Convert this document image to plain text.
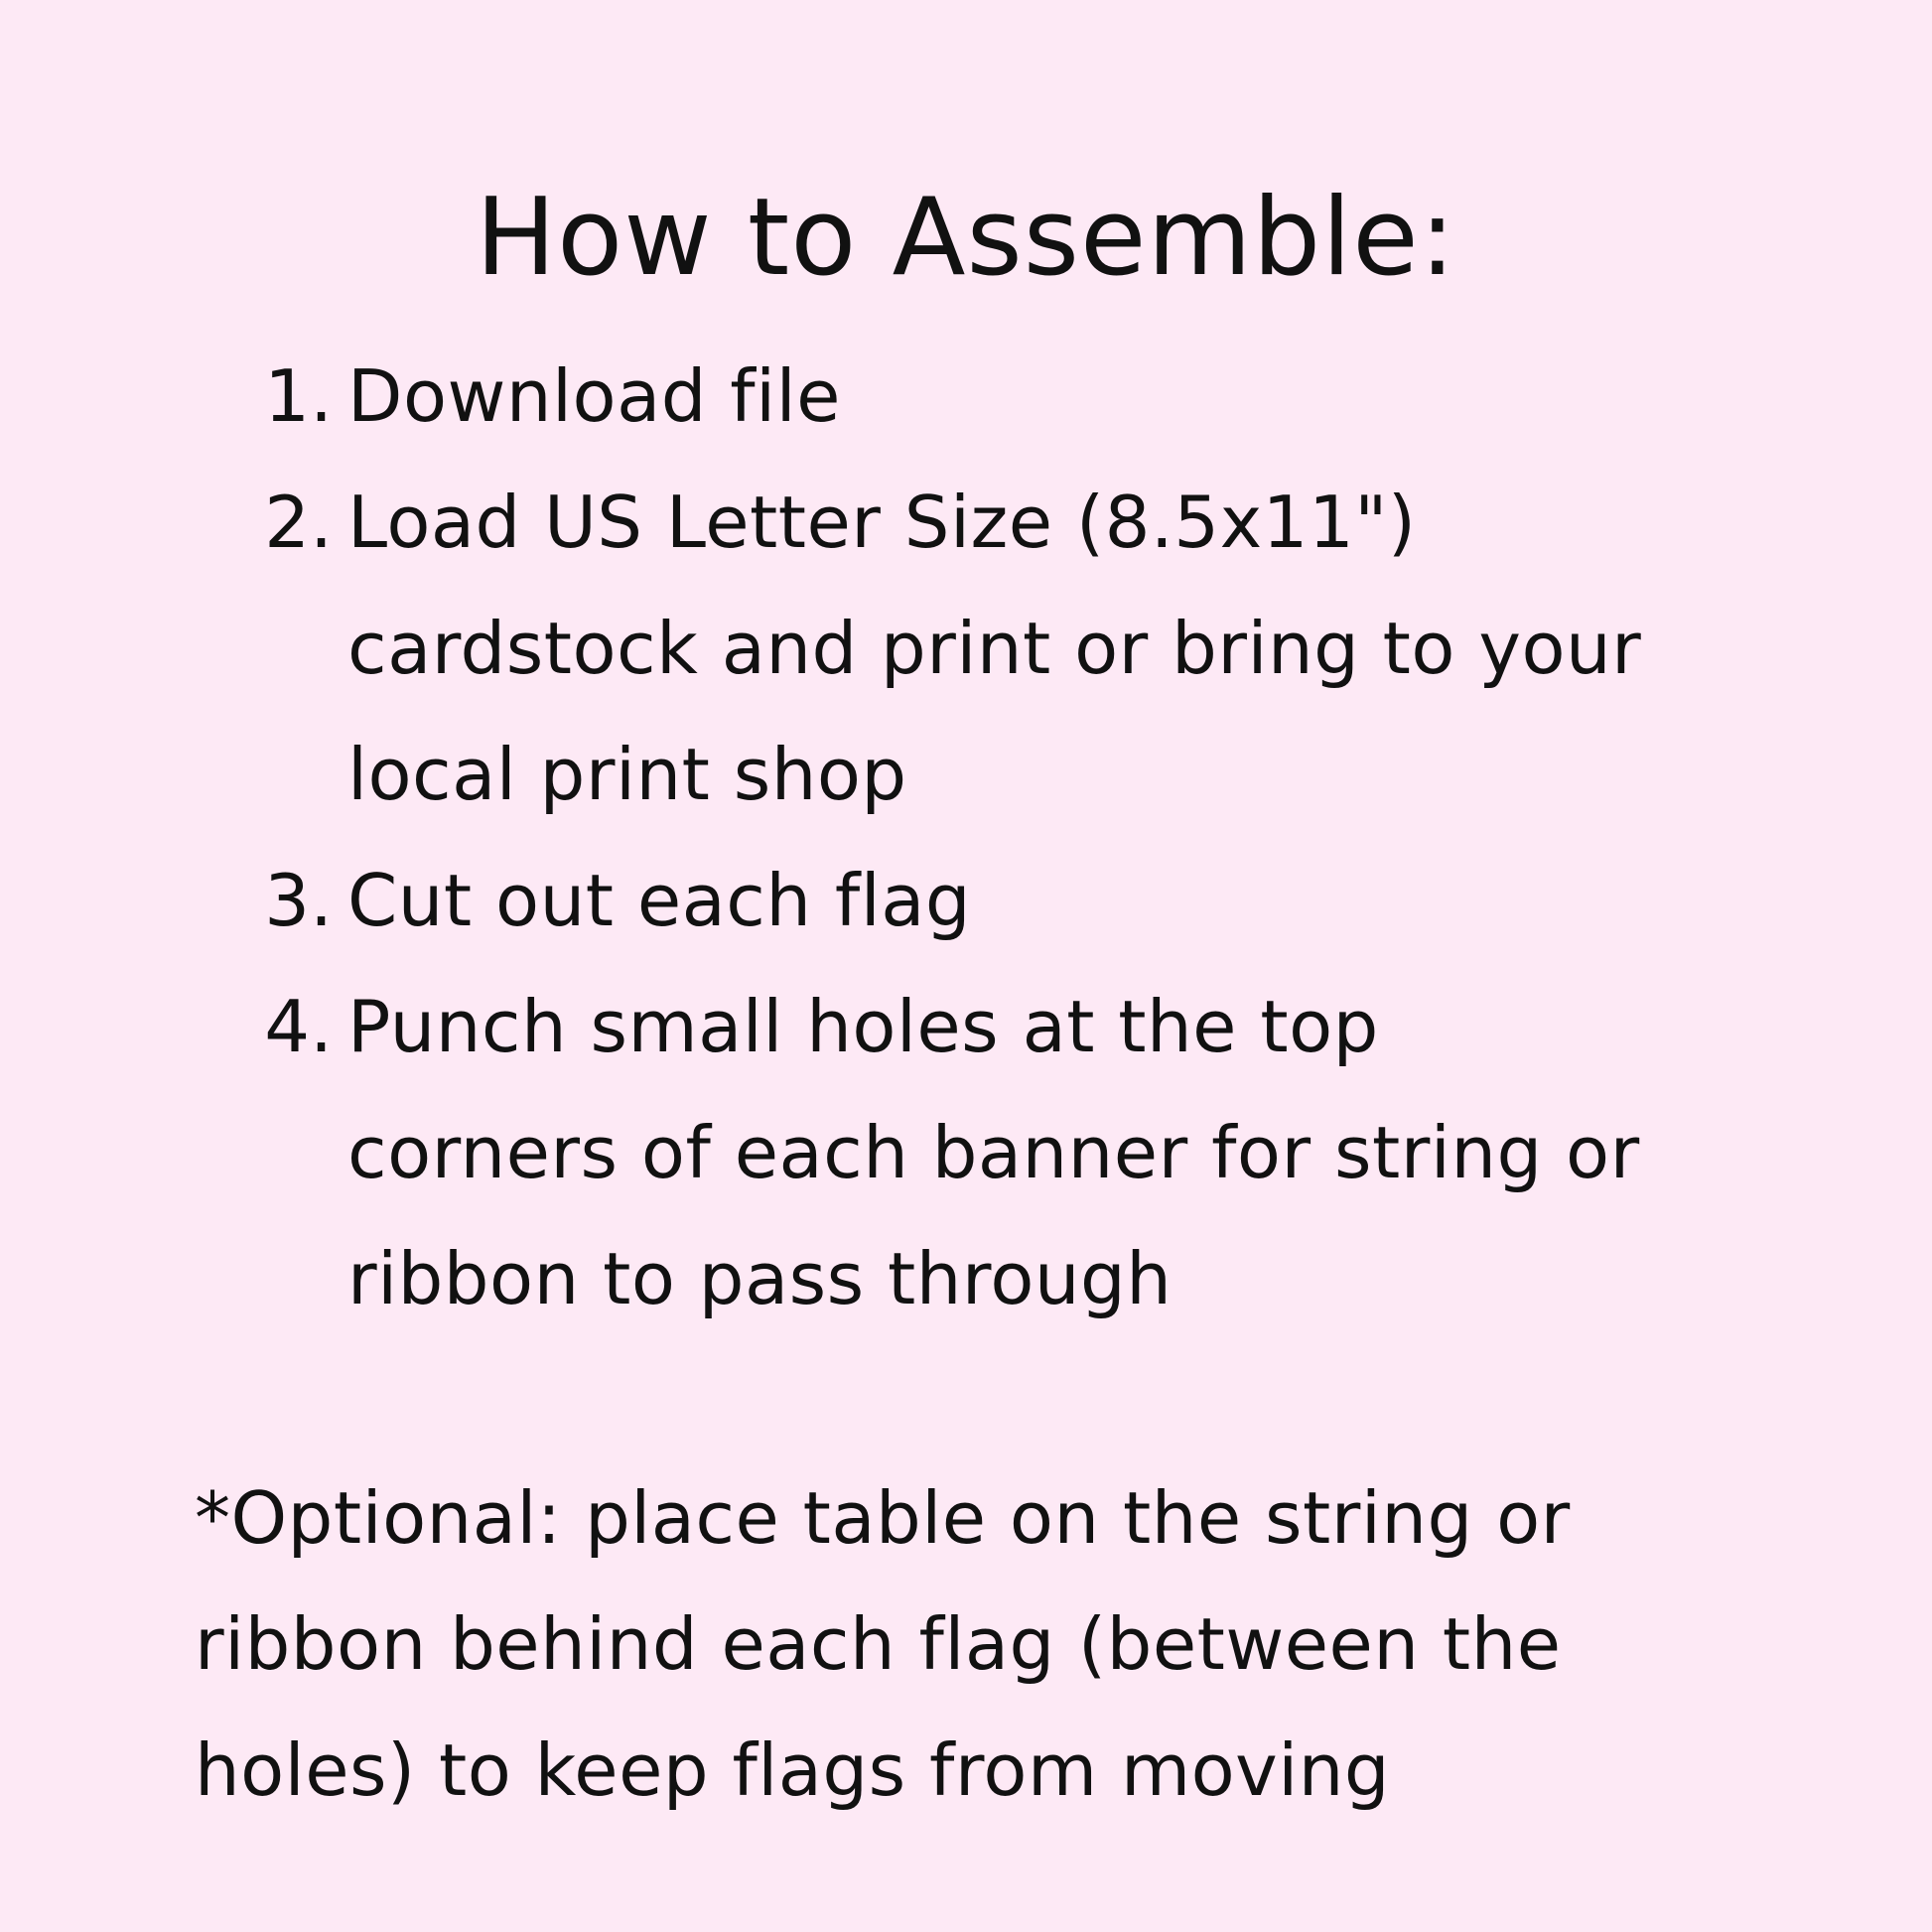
How to Assemble:
1. Download file
2. Load US Letter Size (8.5x11")
cardstock and print or bring to your
local print shop
3. Cut out each flag
4. Punch small holes at the top
corners of each banner for string or
ribbon to pass through

*Optional: place table on the string or
ribbon behind each flag (between the
holes) to keep flags from moving
